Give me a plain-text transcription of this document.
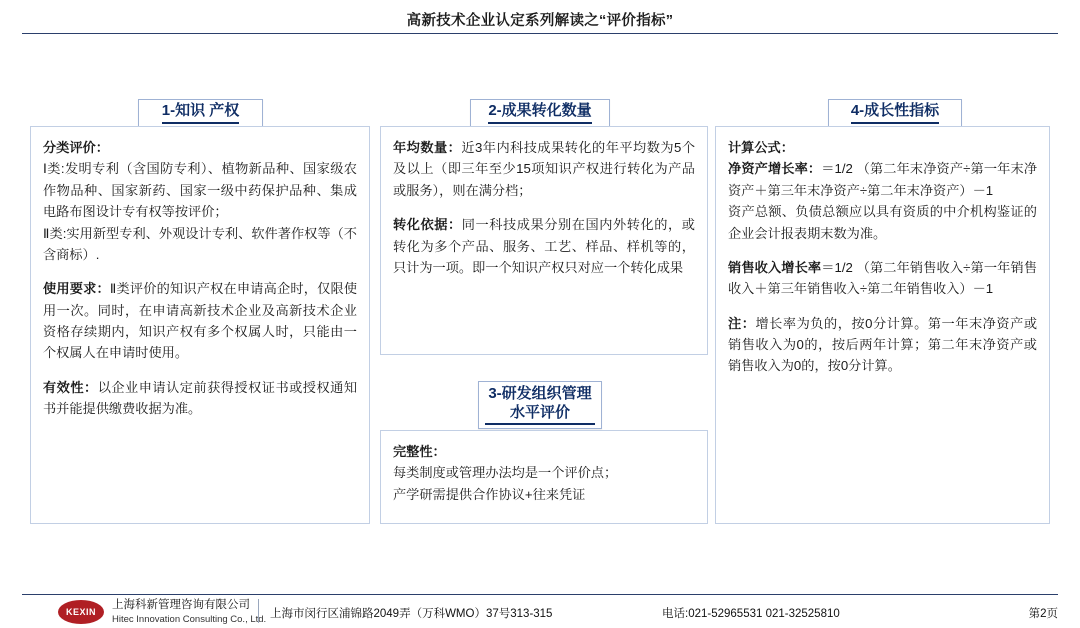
高新技术企业认定系列解读之“评价指标”
1-知识 产权	2-成果转化数量
3-研发组织管理水平评价
4-成长性指标

分类评价：

Ⅰ类:发明专利（含国防专利）、植物新品种、国家级农作物品种、国家新药、国家一级中药保护品种、集成电路布图设计专有权等按评价；

Ⅱ类:实用新型专利、外观设计专利、软件著作权等（不含商标）.

使用要求：Ⅱ类评价的知识产权在申请高企时，仅限使用一次。同时，在申请高新技术企业及高新技术企业资格存续期内，知识产权有多个权属人时，只能由一个权属人在申请时使用。

有效性：以企业申请认定前获得授权证书或授权通知书并能提供缴费收据为准。

年均数量：近3年内科技成果转化的年平均数为5个及以上（即三年至少15项知识产权进行转化为产品或服务），则在满分档；

转化依据：同一科技成果分别在国内外转化的，或转化为多个产品、服务、工艺、样品、样机等的，只计为一项。即一个知识产权只对应一个转化成果

完整性：

每类制度或管理办法均是一个评价点；

产学研需提供合作协议+往来凭证

计算公式：

净资产增长率：＝1/2 （第二年末净资产÷第一年末净资产＋第三年末净资产÷第二年末净资产）－1

资产总额、负债总额应以具有资质的中介机构鉴证的企业会计报表期末数为准。

销售收入增长率＝1/2 （第二年销售收入÷第一年销售收入＋第三年销售收入÷第二年销售收入）－1

注：增长率为负的，按0分计算。第一年末净资产或销售收入为0的，按后两年计算；第二年末净资产或销售收入为0的，按0分计算。

KEXIN
上海科新管理咨询有限公司
Hitec Innovation Consulting Co., Ltd. 上海市闵行区浦锦路2049弄（万科WMO）37号313-315	电话:021-52965531 021-32525810	第2页
